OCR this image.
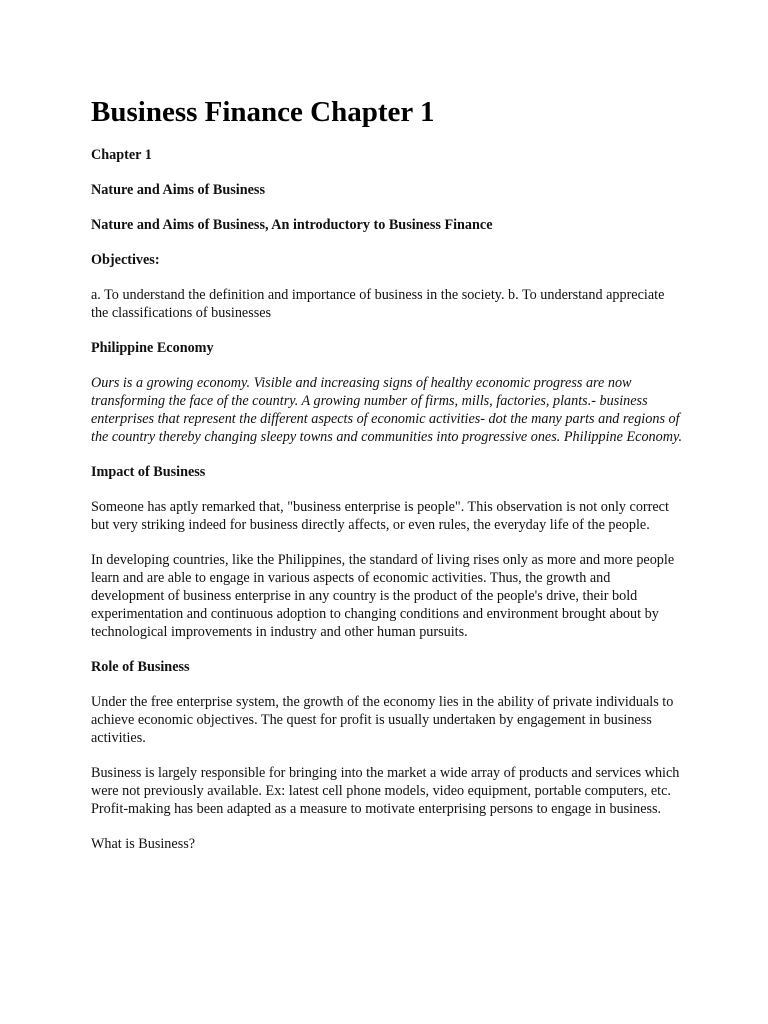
Business Finance Chapter 1

Chapter 1

Nature and Aims of Business

Nature and Aims of Business, An introductory to Business Finance

Objectives:

a. To understand the definition and importance of business in the society. b. To understand appreciate the classifications of businesses

Philippine Economy

Ours is a growing economy. Visible and increasing signs of healthy economic progress are now transforming the face of the country. A growing number of firms, mills, factories, plants.- business enterprises that represent the different aspects of economic activities- dot the many parts and regions of the country thereby changing sleepy towns and communities into progressive ones. Philippine Economy.

Impact of Business

Someone has aptly remarked that, "business enterprise is people". This observation is not only correct but very striking indeed for business directly affects, or even rules, the everyday life of the people.

In developing countries, like the Philippines, the standard of living rises only as more and more people learn and are able to engage in various aspects of economic activities. Thus, the growth and development of business enterprise in any country is the product of the people's drive, their bold experimentation and continuous adoption to changing conditions and environment brought about by technological improvements in industry and other human pursuits.

Role of Business

Under the free enterprise system, the growth of the economy lies in the ability of private individuals to achieve economic objectives. The quest for profit is usually undertaken by engagement in business activities.

Business is largely responsible for bringing into the market a wide array of products and services which were not previously available. Ex: latest cell phone models, video equipment, portable computers, etc. Profit-making has been adapted as a measure to motivate enterprising persons to engage in business.

What is Business?
